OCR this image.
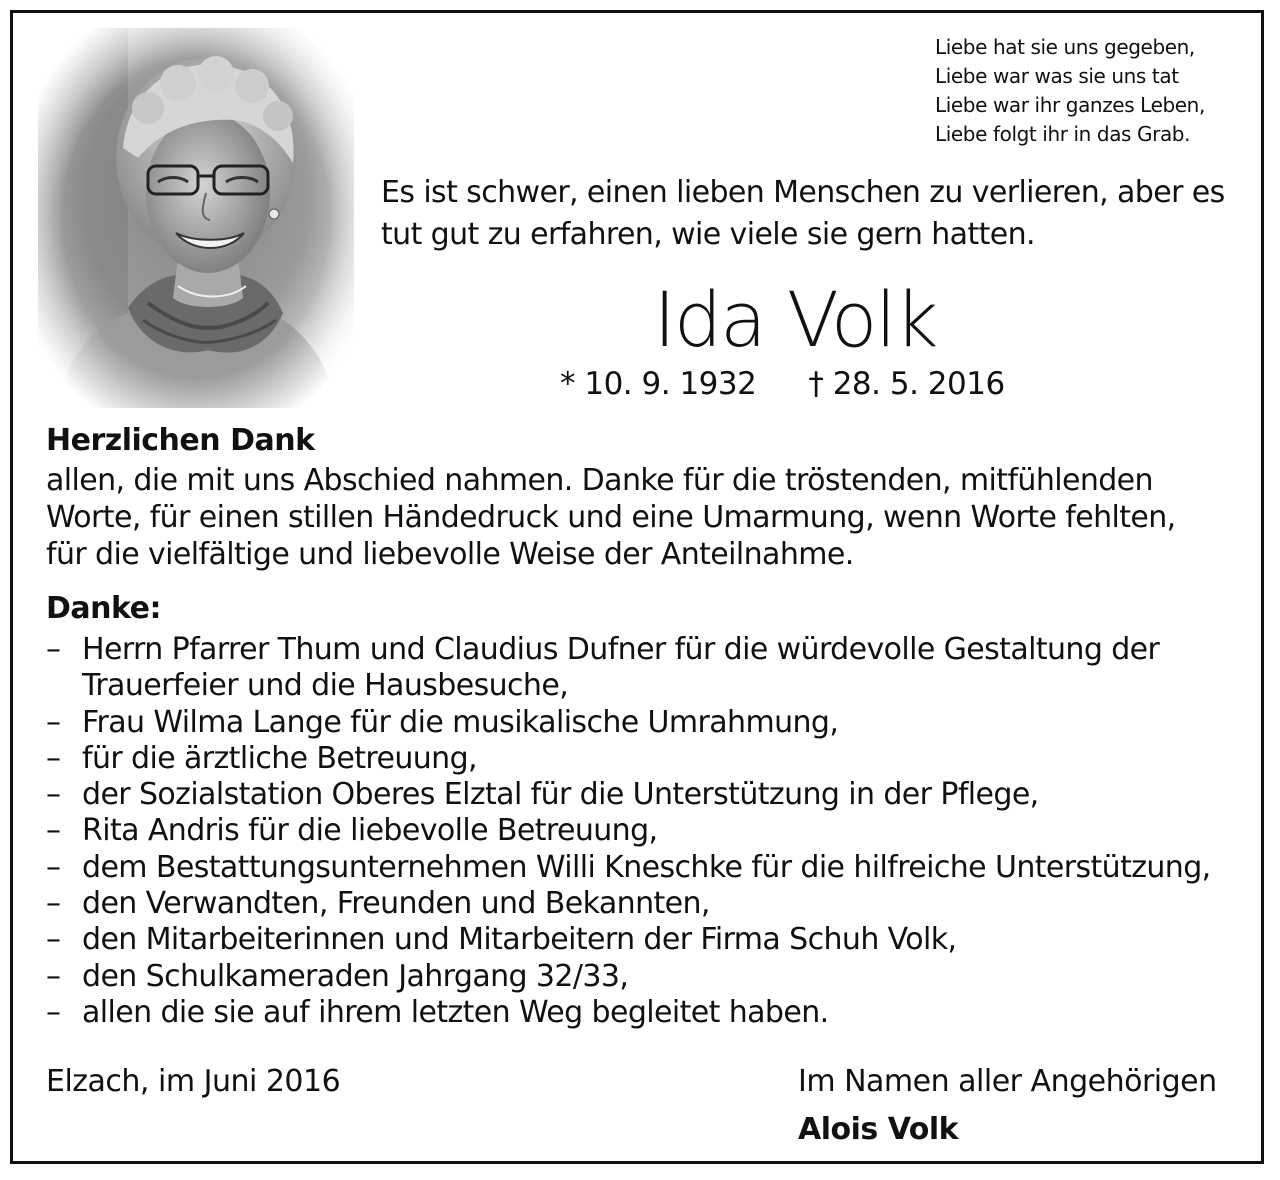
Liebe hat sie uns gegeben,
Liebe war was sie uns tat
Liebe war ihr ganzes Leben,
Liebe folgt ihr in das Grab.
Es ist schwer, einen lieben Menschen zu verlieren, aber es
tut gut zu erfahren, wie viele sie gern hatten.
Ida Volk
* 10. 9. 1932 † 28. 5. 2016
Herzlichen Dank
allen, die mit uns Abschied nahmen. Danke für die tröstenden, mitfühlenden
Worte, für einen stillen Händedruck und eine Umarmung, wenn Worte fehlten,
für die vielfältige und liebevolle Weise der Anteilnahme.
Danke:
– Herrn Pfarrer Thum und Claudius Dufner für die würdevolle Gestaltung der
Trauerfeier und die Hausbesuche,
– Frau Wilma Lange für die musikalische Umrahmung,
– für die ärztliche Betreuung,
– der Sozialstation Oberes Elztal für die Unterstützung in der Pflege,
– Rita Andris für die liebevolle Betreuung,
– dem Bestattungsunternehmen Willi Kneschke für die hilfreiche Unterstützung,
– den Verwandten, Freunden und Bekannten,
– den Mitarbeiterinnen und Mitarbeitern der Firma Schuh Volk,
– den Schulkameraden Jahrgang 32/33,
– allen die sie auf ihrem letzten Weg begleitet haben.
Elzach, im Juni 2016	Im Namen aller Angehörigen
Alois Volk
